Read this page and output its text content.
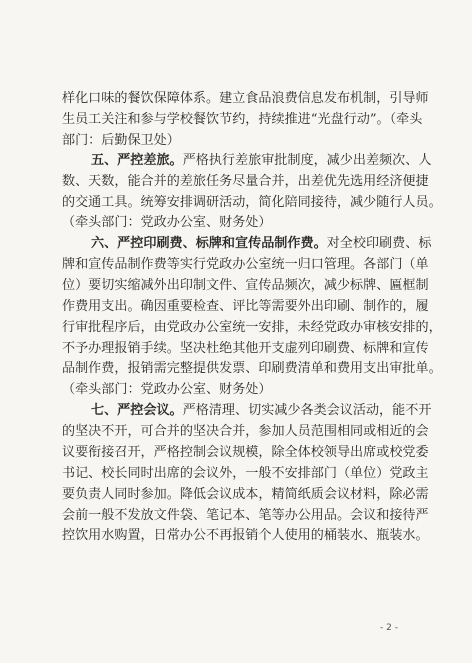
样化口味的餐饮保障体系。建立食品浪费信息发布机制，引导师
生员工关注和参与学校餐饮节约，持续推进“光盘行动”。（牵头
部门：后勤保卫处）
五、严控差旅。严格执行差旅审批制度，减少出差频次、人
数、天数，能合并的差旅任务尽量合并，出差优先选用经济便捷
的交通工具。统筹安排调研活动，简化陪同接待，减少随行人员。
（牵头部门：党政办公室、财务处）
六、严控印刷费、标牌和宣传品制作费。对全校印刷费、标
牌和宣传品制作费等实行党政办公室统一归口管理。各部门（单
位）要切实缩减外出印制文件、宣传品频次，减少标牌、匾框制
作费用支出。确因重要检查、评比等需要外出印刷、制作的，履
行审批程序后，由党政办公室统一安排，未经党政办审核安排的，
不予办理报销手续。坚决杜绝其他开支虚列印刷费、标牌和宣传
品制作费，报销需完整提供发票、印刷费清单和费用支出审批单。
（牵头部门：党政办公室、财务处）
七、严控会议。严格清理、切实减少各类会议活动，能不开
的坚决不开，可合并的坚决合并，参加人员范围相同或相近的会
议要衔接召开，严格控制会议规模，除全体校领导出席或校党委
书记、校长同时出席的会议外，一般不安排部门（单位）党政主
要负责人同时参加。降低会议成本，精简纸质会议材料，除必需
会前一般不发放文件袋、笔记本、笔等办公用品。会议和接待严
控饮用水购置，日常办公不再报销个人使用的桶装水、瓶装水。
- 2 -
